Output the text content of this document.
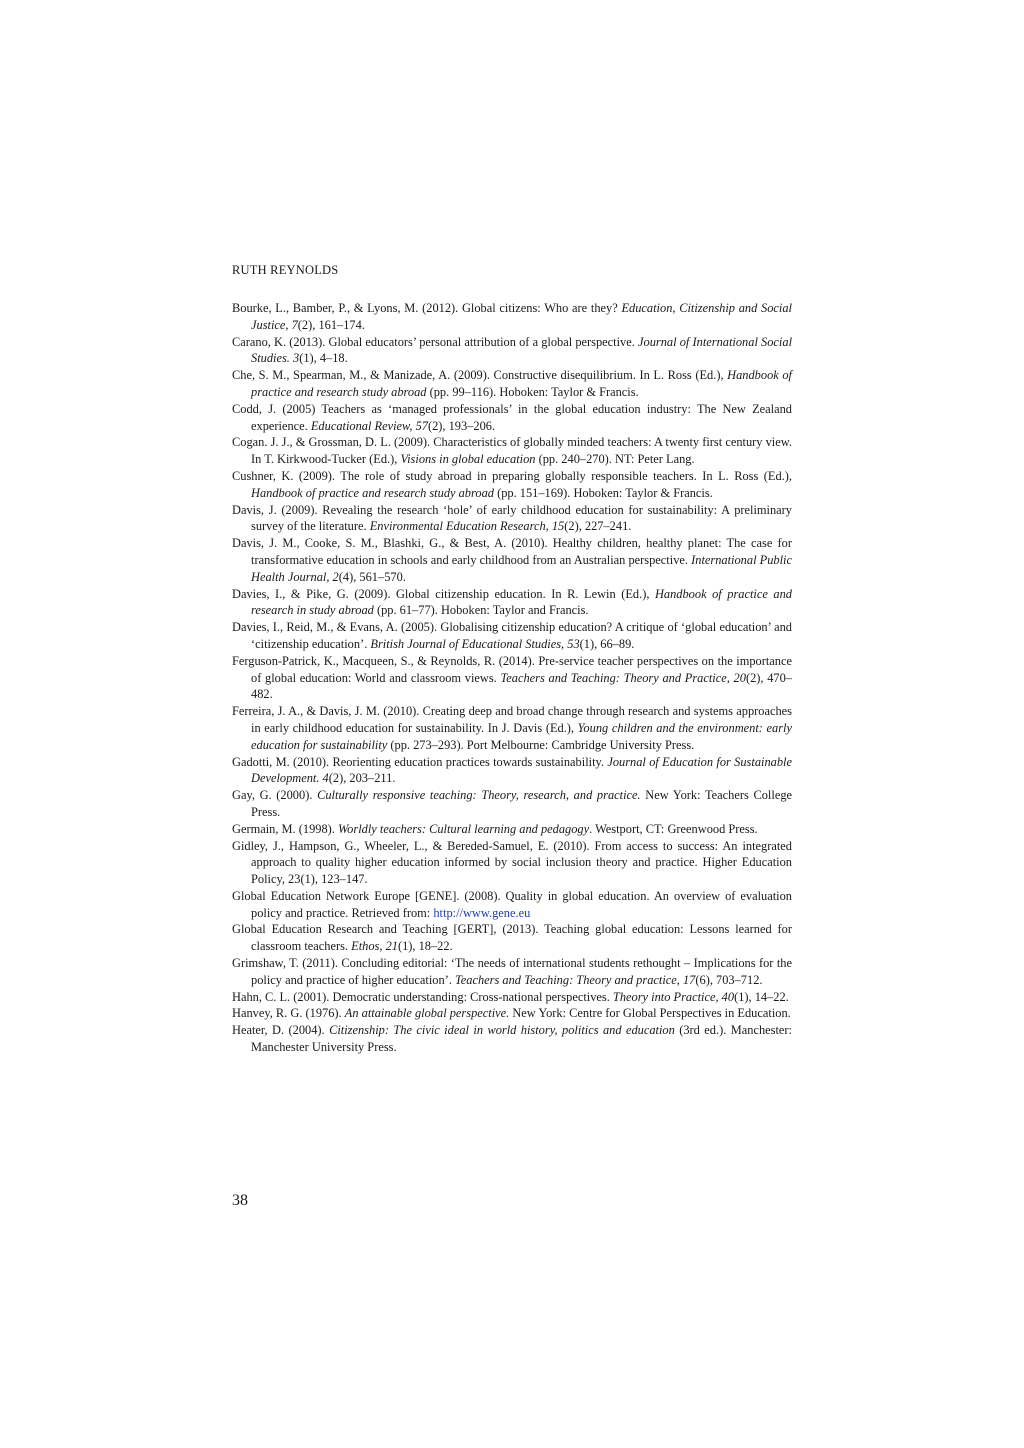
RUTH REYNOLDS

Bourke, L., Bamber, P., & Lyons, M. (2012). Global citizens: Who are they? Education, Citizenship and Social Justice, 7(2), 161–174.

Carano, K. (2013). Global educators’ personal attribution of a global perspective. Journal of International Social Studies. 3(1), 4–18.

Che, S. M., Spearman, M., & Manizade, A. (2009). Constructive disequilibrium. In L. Ross (Ed.), Handbook of practice and research study abroad (pp. 99–116). Hoboken: Taylor & Francis.

Codd, J. (2005) Teachers as ‘managed professionals’ in the global education industry: The New Zealand experience. Educational Review, 57(2), 193–206.

Cogan. J. J., & Grossman, D. L. (2009). Characteristics of globally minded teachers: A twenty first century view. In T. Kirkwood-Tucker (Ed.), Visions in global education (pp. 240–270). NT: Peter Lang.

Cushner, K. (2009). The role of study abroad in preparing globally responsible teachers. In L. Ross (Ed.), Handbook of practice and research study abroad (pp. 151–169). Hoboken: Taylor & Francis.

Davis, J. (2009). Revealing the research ‘hole’ of early childhood education for sustainability: A preliminary survey of the literature. Environmental Education Research, 15(2), 227–241.

Davis, J. M., Cooke, S. M., Blashki, G., & Best, A. (2010). Healthy children, healthy planet: The case for transformative education in schools and early childhood from an Australian perspective. International Public Health Journal, 2(4), 561–570.

Davies, I., & Pike, G. (2009). Global citizenship education. In R. Lewin (Ed.), Handbook of practice and research in study abroad (pp. 61–77). Hoboken: Taylor and Francis.

Davies, I., Reid, M., & Evans, A. (2005). Globalising citizenship education? A critique of ‘global education’ and ‘citizenship education’. British Journal of Educational Studies, 53(1), 66–89.

Ferguson-Patrick, K., Macqueen, S., & Reynolds, R. (2014). Pre-service teacher perspectives on the importance of global education: World and classroom views. Teachers and Teaching: Theory and Practice, 20(2), 470–482.

Ferreira, J. A., & Davis, J. M. (2010). Creating deep and broad change through research and systems approaches in early childhood education for sustainability. In J. Davis (Ed.), Young children and the environment: early education for sustainability (pp. 273–293). Port Melbourne: Cambridge University Press.

Gadotti, M. (2010). Reorienting education practices towards sustainability. Journal of Education for Sustainable Development. 4(2), 203–211.

Gay, G. (2000). Culturally responsive teaching: Theory, research, and practice. New York: Teachers College Press.

Germain, M. (1998). Worldly teachers: Cultural learning and pedagogy. Westport, CT: Greenwood Press.

Gidley, J., Hampson, G., Wheeler, L., & Bereded-Samuel, E. (2010). From access to success: An integrated approach to quality higher education informed by social inclusion theory and practice. Higher Education Policy, 23(1), 123–147.

Global Education Network Europe [GENE]. (2008). Quality in global education. An overview of evaluation policy and practice. Retrieved from: http://www.gene.eu

Global Education Research and Teaching [GERT], (2013). Teaching global education: Lessons learned for classroom teachers. Ethos, 21(1), 18–22.

Grimshaw, T. (2011). Concluding editorial: ‘The needs of international students rethought – Implications for the policy and practice of higher education’. Teachers and Teaching: Theory and practice, 17(6), 703–712.

Hahn, C. L. (2001). Democratic understanding: Cross-national perspectives. Theory into Practice, 40(1), 14–22.

Hanvey, R. G. (1976). An attainable global perspective. New York: Centre for Global Perspectives in Education.

Heater, D. (2004). Citizenship: The civic ideal in world history, politics and education (3rd ed.). Manchester: Manchester University Press.

38
